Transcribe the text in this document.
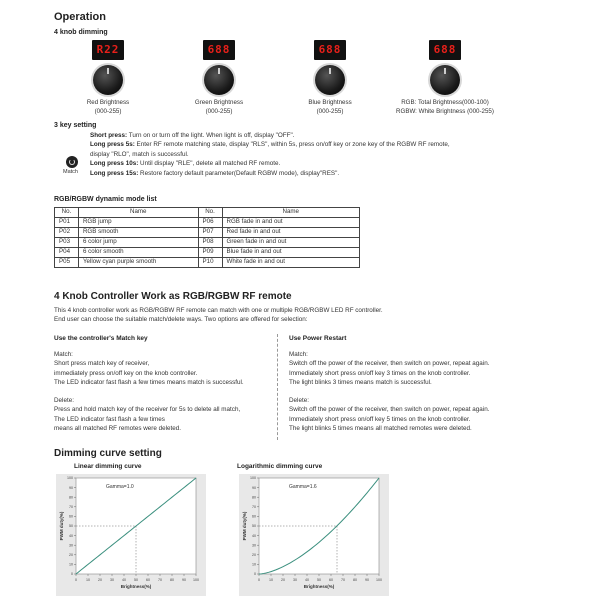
Operation
4 knob dimming
R22
Red Brightness
(000-255)
688
Green Brightness
(000-255)
688
Blue Brightness
(000-255)
688
RGB: Total Brightness(000-100)
RGBW: White Brightness (000-255)
3 key setting
Match
Short press: Turn on or turn off the light. When light is off, display "OFF".
Long press 5s: Enter RF remote matching state, display "RLS", within 5s, press on/off key or zone key of the RGBW RF remote,
display "RLO", match is successful.
Long press 10s: Until display "RLE", delete all matched RF remote.
Long press 15s: Restore factory default parameter(Default RGBW mode), display"RES".
RGB/RGBW dynamic mode list
No.	Name	No.	Name
P01	RGB jump	P06	RGB fade in and out
P02	RGB smooth	P07	Red fade in and out
P03	6 color jump	P08	Green fade in and out
P04	6 color smooth	P09	Blue fade in and out
P05	Yellow cyan purple smooth	P10	White fade in and out
4 Knob Controller Work as RGB/RGBW RF remote
This 4 knob controller work as RGB/RGBW RF remote can match with one or multiple RGB/RGBW LED RF controller.
End user can choose the suitable match/delete ways. Two options are offered for selection:
Use the controller's Match key	Use Power Restart
Match:
Short press match key of receiver,
immediately press on/off key on the knob controller.
The LED indicator fast flash a few times means match is successful.
Delete:
Press and hold match key of the receiver for 5s to delete all match,
The LED indicator fast flash a few times
means all matched RF remotes were deleted.
Match:
Switch off the power of the receiver, then switch on power, repeat again.
Immediately short press on/off key 3 times on the knob controller.
The light blinks 3 times means match is successful.
Delete:
Switch off the power of the receiver, then switch on power, repeat again.
Immediately short press on/off key 5 times on the knob controller.
The light blinks 5 times means all matched remotes were deleted.
Dimming curve setting
Linear dimming curve	Logarithmic dimming curve
0	10 20 30 40 50 60 70 80 90 100
0
10
20
30
40
50
60
70
80
90
100
Gamma=1.0
Brightness(%)
PWM duty(%)
0	10 20 30 40 50 60 70 80 90 100
0
10
20
30
40
50
60
70
80
90
100
Gamma=1.6
Brightness(%)
PWM duty(%)
